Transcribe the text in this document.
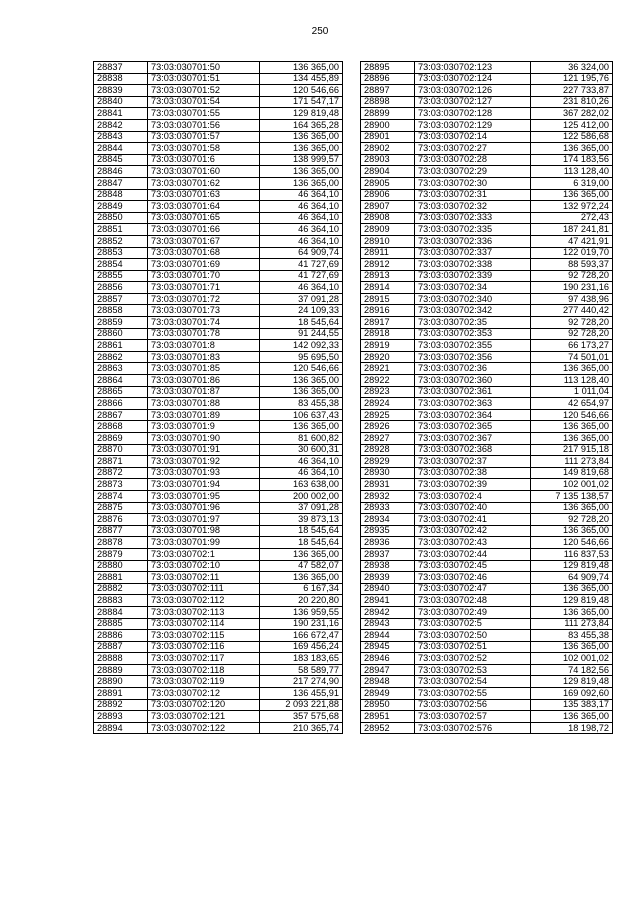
250
28837	73:03:030701:50	136 365,00
28838	73:03:030701:51	134 455,89
28839	73:03:030701:52	120 546,66
28840	73:03:030701:54	171 547,17
28841	73:03:030701:55	129 819,48
28842	73:03:030701:56	164 365,28
28843	73:03:030701:57	136 365,00
28844	73:03:030701:58	136 365,00
28845	73:03:030701:6	138 999,57
28846	73:03:030701:60	136 365,00
28847	73:03:030701:62	136 365,00
28848	73:03:030701:63	46 364,10
28849	73:03:030701:64	46 364,10
28850	73:03:030701:65	46 364,10
28851	73:03:030701:66	46 364,10
28852	73:03:030701:67	46 364,10
28853	73:03:030701:68	64 909,74
28854	73:03:030701:69	41 727,69
28855	73:03:030701:70	41 727,69
28856	73:03:030701:71	46 364,10
28857	73:03:030701:72	37 091,28
28858	73:03:030701:73	24 109,33
28859	73:03:030701:74	18 545,64
28860	73:03:030701:78	91 244,55
28861	73:03:030701:8	142 092,33
28862	73:03:030701:83	95 695,50
28863	73:03:030701:85	120 546,66
28864	73:03:030701:86	136 365,00
28865	73:03:030701:87	136 365,00
28866	73:03:030701:88	83 455,38
28867	73:03:030701:89	106 637,43
28868	73:03:030701:9	136 365,00
28869	73:03:030701:90	81 600,82
28870	73:03:030701:91	30 600,31
28871	73:03:030701:92	46 364,10
28872	73:03:030701:93	46 364,10
28873	73:03:030701:94	163 638,00
28874	73:03:030701:95	200 002,00
28875	73:03:030701:96	37 091,28
28876	73:03:030701:97	39 873,13
28877	73:03:030701:98	18 545,64
28878	73:03:030701:99	18 545,64
28879	73:03:030702:1	136 365,00
28880	73:03:030702:10	47 582,07
28881	73:03:030702:11	136 365,00
28882	73:03:030702:111	6 167,34
28883	73:03:030702:112	20 220,80
28884	73:03:030702:113	136 959,55
28885	73:03:030702:114	190 231,16
28886	73:03:030702:115	166 672,47
28887	73:03:030702:116	169 456,24
28888	73:03:030702:117	183 183,65
28889	73:03:030702:118	58 589,77
28890	73:03:030702:119	217 274,90
28891	73:03:030702:12	136 455,91
28892	73:03:030702:120	2 093 221,88
28893	73:03:030702:121	357 575,68
28894	73:03:030702:122	210 365,74
28895	73:03:030702:123	36 324,00
28896	73:03:030702:124	121 195,76
28897	73:03:030702:126	227 733,87
28898	73:03:030702:127	231 810,26
28899	73:03:030702:128	367 282,02
28900	73:03:030702:129	125 412,00
28901	73:03:030702:14	122 586,68
28902	73:03:030702:27	136 365,00
28903	73:03:030702:28	174 183,56
28904	73:03:030702:29	113 128,40
28905	73:03:030702:30	6 319,00
28906	73:03:030702:31	136 365,00
28907	73:03:030702:32	132 972,24
28908	73:03:030702:333	272,43
28909	73:03:030702:335	187 241,81
28910	73:03:030702:336	47 421,91
28911	73:03:030702:337	122 019,70
28912	73:03:030702:338	88 593,37
28913	73:03:030702:339	92 728,20
28914	73:03:030702:34	190 231,16
28915	73:03:030702:340	97 438,96
28916	73:03:030702:342	277 440,42
28917	73:03:030702:35	92 728,20
28918	73:03:030702:353	92 728,20
28919	73:03:030702:355	66 173,27
28920	73:03:030702:356	74 501,01
28921	73:03:030702:36	136 365,00
28922	73:03:030702:360	113 128,40
28923	73:03:030702:361	1 011,04
28924	73:03:030702:363	42 654,97
28925	73:03:030702:364	120 546,66
28926	73:03:030702:365	136 365,00
28927	73:03:030702:367	136 365,00
28928	73:03:030702:368	217 915,18
28929	73:03:030702:37	111 273,84
28930	73:03:030702:38	149 819,68
28931	73:03:030702:39	102 001,02
28932	73:03:030702:4	7 135 138,57
28933	73:03:030702:40	136 365,00
28934	73:03:030702:41	92 728,20
28935	73:03:030702:42	136 365,00
28936	73:03:030702:43	120 546,66
28937	73:03:030702:44	116 837,53
28938	73:03:030702:45	129 819,48
28939	73:03:030702:46	64 909,74
28940	73:03:030702:47	136 365,00
28941	73:03:030702:48	129 819,48
28942	73:03:030702:49	136 365,00
28943	73:03:030702:5	111 273,84
28944	73:03:030702:50	83 455,38
28945	73:03:030702:51	136 365,00
28946	73:03:030702:52	102 001,02
28947	73:03:030702:53	74 182,56
28948	73:03:030702:54	129 819,48
28949	73:03:030702:55	169 092,60
28950	73:03:030702:56	135 383,17
28951	73:03:030702:57	136 365,00
28952	73:03:030702:576	18 198,72
